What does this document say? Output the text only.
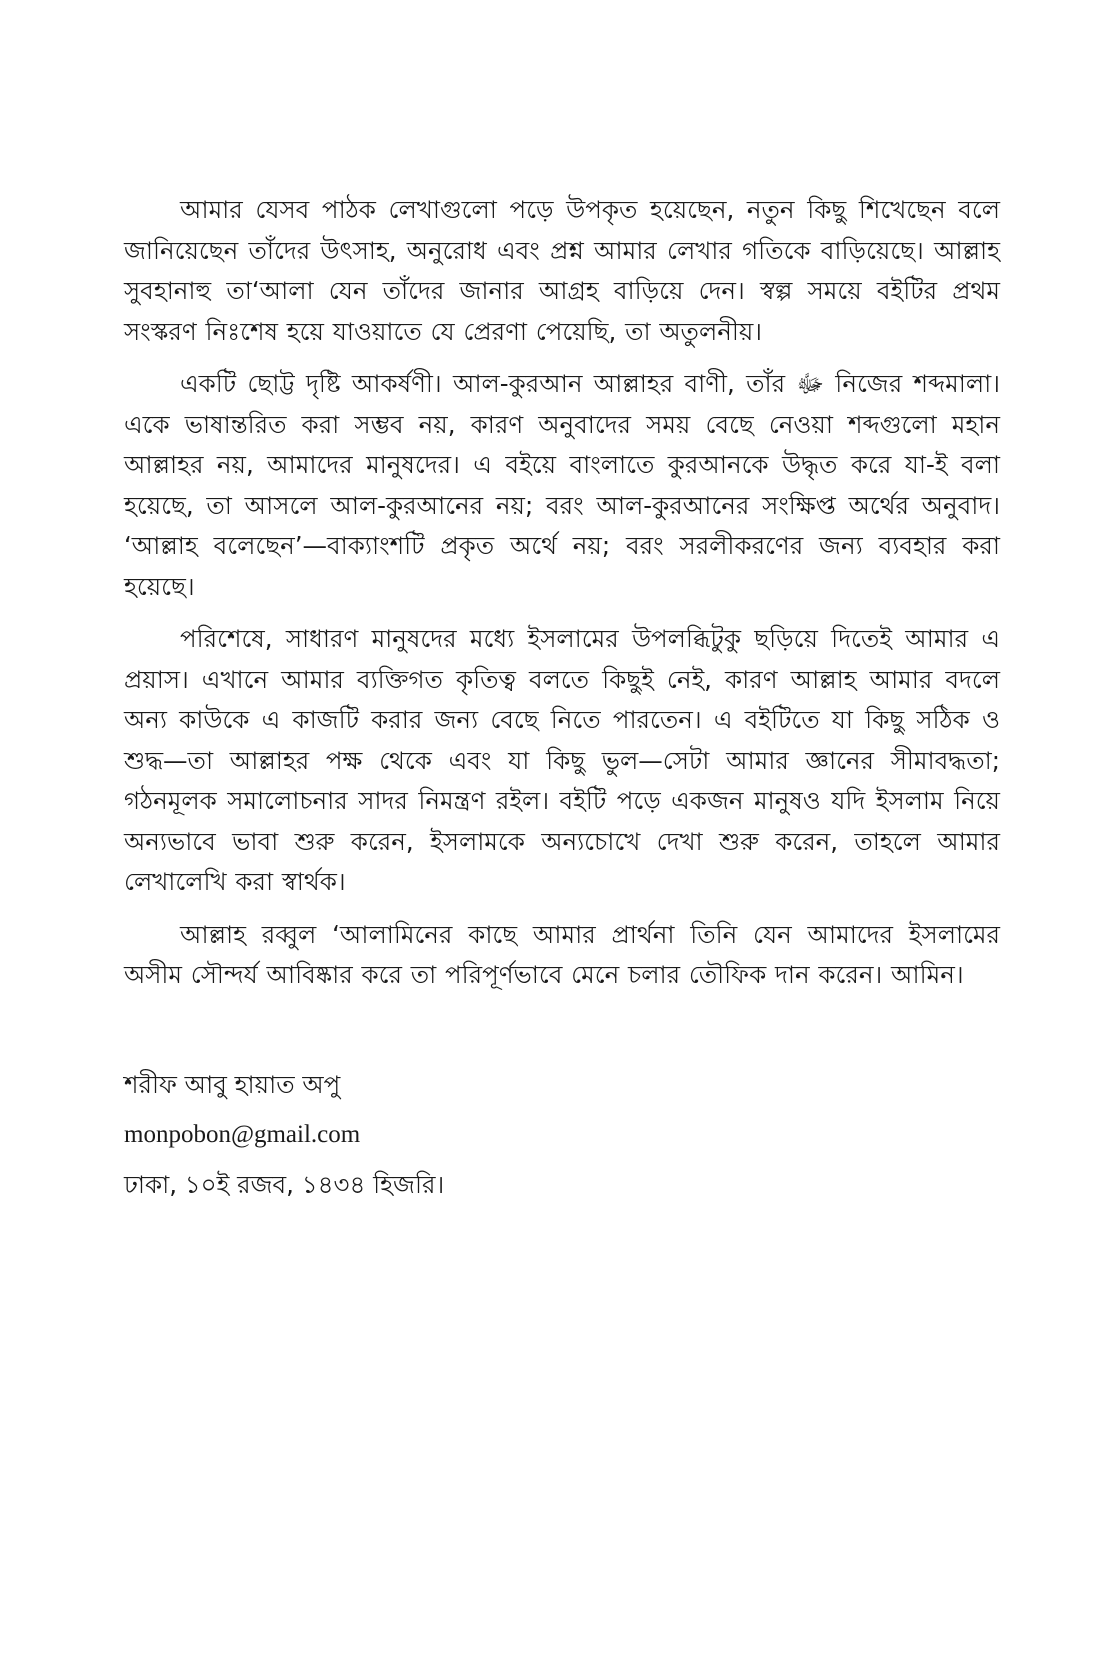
আমার যেসব পাঠক লেখাগুলো পড়ে উপকৃত হয়েছেন, নতুন কিছু শিখেছেন বলে জানিয়েছেন তাঁদের উৎসাহ, অনুরোধ এবং প্রশ্ন আমার লেখার গতিকে বাড়িয়েছে। আল্লাহ সুবহানাহু তা‘আলা যেন তাঁদের জানার আগ্রহ বাড়িয়ে দেন। স্বল্প সময়ে বইটির প্রথম সংস্করণ নিঃশেষ হয়ে যাওয়াতে যে প্রেরণা পেয়েছি, তা অতুলনীয়।

একটি ছোট্ট দৃষ্টি আকর্ষণী। আল-কুরআন আল্লাহর বাণী, তাঁর ﷻ নিজের শব্দমালা। একে ভাষান্তরিত করা সম্ভব নয়, কারণ অনুবাদের সময় বেছে নেওয়া শব্দগুলো মহান আল্লাহর নয়, আমাদের মানুষদের। এ বইয়ে বাংলাতে কুরআনকে উদ্ধৃত করে যা-ই বলা হয়েছে, তা আসলে আল-কুরআনের নয়; বরং আল-কুরআনের সংক্ষিপ্ত অর্থের অনুবাদ। ‘আল্লাহ বলেছেন’—বাক্যাংশটি প্রকৃত অর্থে নয়; বরং সরলীকরণের জন্য ব্যবহার করা হয়েছে।

পরিশেষে, সাধারণ মানুষদের মধ্যে ইসলামের উপলব্ধিটুকু ছড়িয়ে দিতেই আমার এ প্রয়াস। এখানে আমার ব্যক্তিগত কৃতিত্ব বলতে কিছুই নেই, কারণ আল্লাহ আমার বদলে অন্য কাউকে এ কাজটি করার জন্য বেছে নিতে পারতেন। এ বইটিতে যা কিছু সঠিক ও শুদ্ধ—তা আল্লাহর পক্ষ থেকে এবং যা কিছু ভুল—সেটা আমার জ্ঞানের সীমাবদ্ধতা; গঠনমূলক সমালোচনার সাদর নিমন্ত্রণ রইল। বইটি পড়ে একজন মানুষও যদি ইসলাম নিয়ে অন্যভাবে ভাবা শুরু করেন, ইসলামকে অন্যচোখে দেখা শুরু করেন, তাহলে আমার লেখালেখি করা স্বার্থক।

আল্লাহ রব্বুল ‘আলামিনের কাছে আমার প্রার্থনা তিনি যেন আমাদের ইসলামের অসীম সৌন্দর্য আবিষ্কার করে তা পরিপূর্ণভাবে মেনে চলার তৌফিক দান করেন। আমিন।

শরীফ আবু হায়াত অপু
monpobon@gmail.com
ঢাকা, ১০ই রজব, ১৪৩৪ হিজরি।
